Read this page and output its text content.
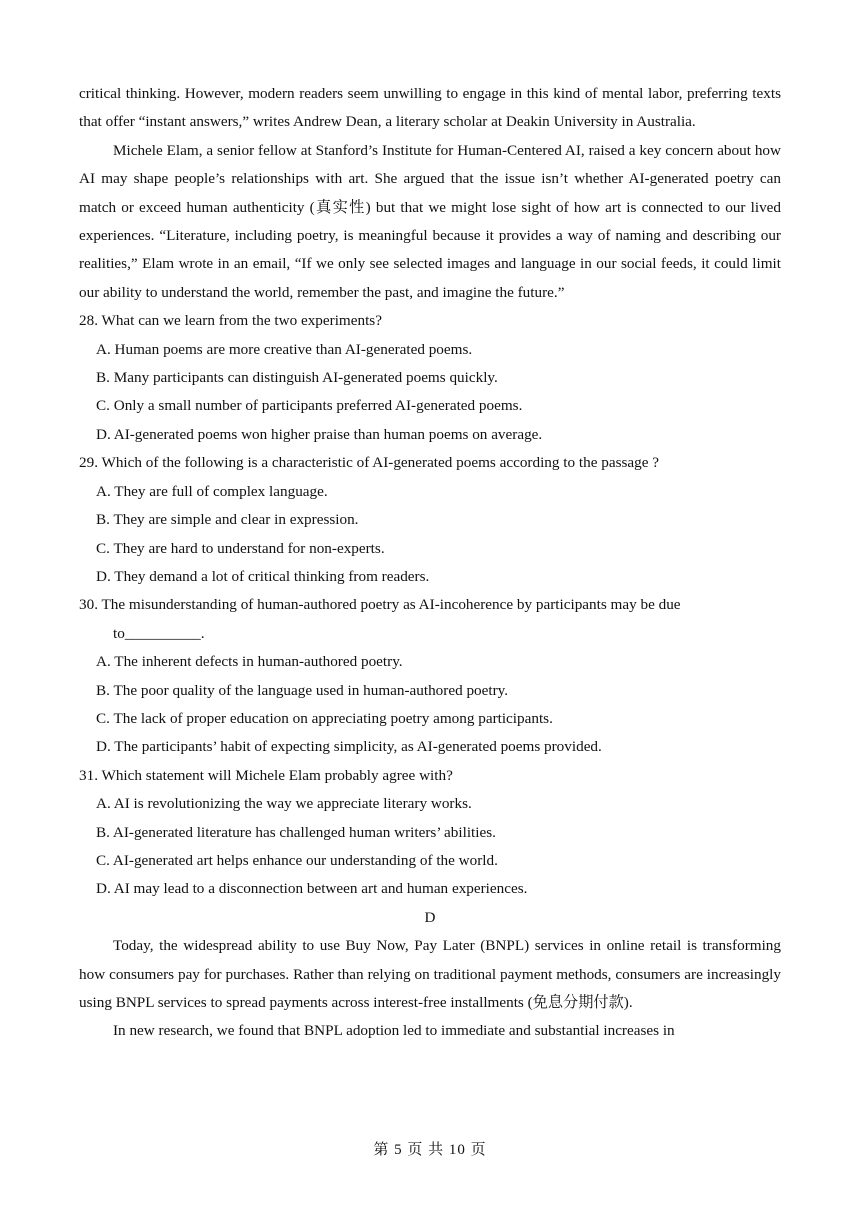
critical thinking. However, modern readers seem unwilling to engage in this kind of mental labor, preferring texts that offer “instant answers,” writes Andrew Dean, a literary scholar at Deakin University in Australia.

Michele Elam, a senior fellow at Stanford’s Institute for Human-Centered AI, raised a key concern about how AI may shape people’s relationships with art. She argued that the issue isn’t whether AI-generated poetry can match or exceed human authenticity (真实性) but that we might lose sight of how art is connected to our lived experiences. “Literature, including poetry, is meaningful because it provides a way of naming and describing our realities,” Elam wrote in an email, “If we only see selected images and language in our social feeds, it could limit our ability to understand the world, remember the past, and imagine the future.”

28. What can we learn from the two experiments?

A. Human poems are more creative than AI-generated poems.
B. Many participants can distinguish AI-generated poems quickly.
C. Only a small number of participants preferred AI-generated poems.
D. AI-generated poems won higher praise than human poems on average.

29. Which of the following is a characteristic of AI-generated poems according to the passage ?

A. They are full of complex language.
B. They are simple and clear in expression.
C. They are hard to understand for non-experts.
D. They demand a lot of critical thinking from readers.

30. The misunderstanding of human-authored poetry as AI-incoherence by participants may be due

to__________.

A. The inherent defects in human-authored poetry.
B. The poor quality of the language used in human-authored poetry.
C. The lack of proper education on appreciating poetry among participants.
D. The participants’ habit of expecting simplicity, as AI-generated poems provided.

31. Which statement will Michele Elam probably agree with?

A. AI is revolutionizing the way we appreciate literary works.
B. AI-generated literature has challenged human writers’ abilities.
C. AI-generated art helps enhance our understanding of the world.
D. AI may lead to a disconnection between art and human experiences.

D

Today, the widespread ability to use Buy Now, Pay Later (BNPL) services in online retail is transforming how consumers pay for purchases. Rather than relying on traditional payment methods, consumers are increasingly using BNPL services to spread payments across interest-free installments (免息分期付款).

In new research, we found that BNPL adoption led to immediate and substantial increases in

第 5 页 共 10 页
